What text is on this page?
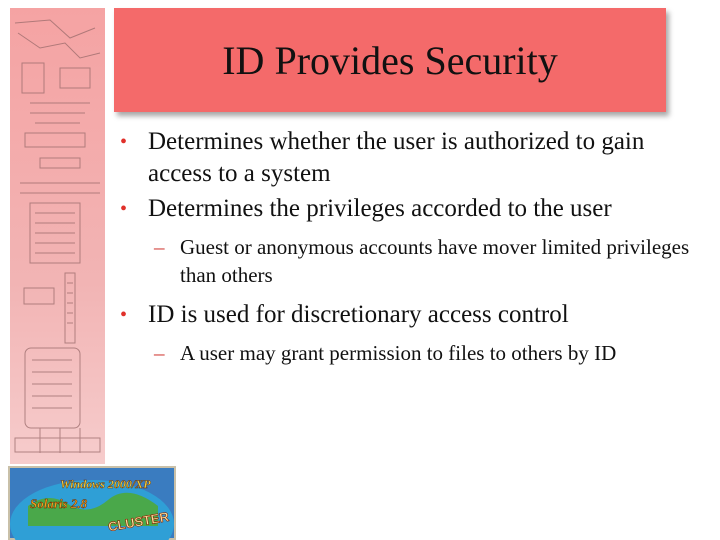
Windows 2000/XP
Solaris 2.8
CLUSTER
ID Provides Security
• Determines whether the user is authorized to gain access to a system
• Determines the privileges accorded to the user
– Guest or anonymous accounts have mover limited privileges than others
• ID is used for discretionary access control
– A user may grant permission to files to others by ID
